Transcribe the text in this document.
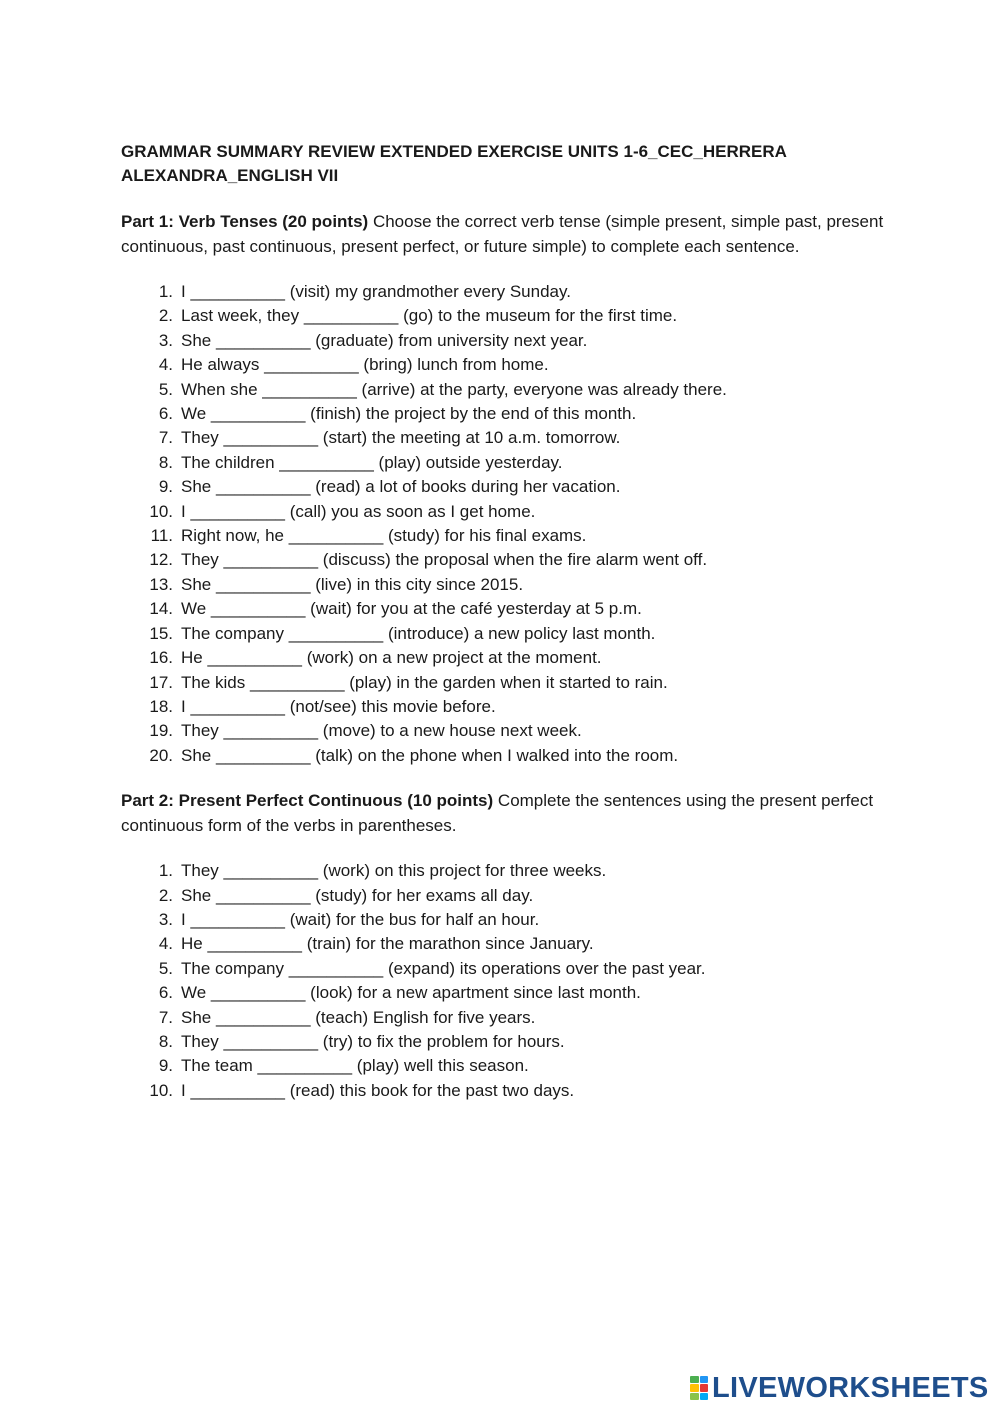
GRAMMAR SUMMARY REVIEW EXTENDED EXERCISE UNITS 1-6_CEC_HERRERA ALEXANDRA_ENGLISH VII

Part 1: Verb Tenses (20 points) Choose the correct verb tense (simple present, simple past, present continuous, past continuous, present perfect, or future simple) to complete each sentence.

1. I __________ (visit) my grandmother every Sunday.
2. Last week, they __________ (go) to the museum for the first time.
3. She __________ (graduate) from university next year.
4. He always __________ (bring) lunch from home.
5. When she __________ (arrive) at the party, everyone was already there.
6. We __________ (finish) the project by the end of this month.
7. They __________ (start) the meeting at 10 a.m. tomorrow.
8. The children __________ (play) outside yesterday.
9. She __________ (read) a lot of books during her vacation.
10. I __________ (call) you as soon as I get home.
11. Right now, he __________ (study) for his final exams.
12. They __________ (discuss) the proposal when the fire alarm went off.
13. She __________ (live) in this city since 2015.
14. We __________ (wait) for you at the café yesterday at 5 p.m.
15. The company __________ (introduce) a new policy last month.
16. He __________ (work) on a new project at the moment.
17. The kids __________ (play) in the garden when it started to rain.
18. I __________ (not/see) this movie before.
19. They __________ (move) to a new house next week.
20. She __________ (talk) on the phone when I walked into the room.

Part 2: Present Perfect Continuous (10 points) Complete the sentences using the present perfect continuous form of the verbs in parentheses.

1. They __________ (work) on this project for three weeks.
2. She __________ (study) for her exams all day.
3. I __________ (wait) for the bus for half an hour.
4. He __________ (train) for the marathon since January.
5. The company __________ (expand) its operations over the past year.
6. We __________ (look) for a new apartment since last month.
7. She __________ (teach) English for five years.
8. They __________ (try) to fix the problem for hours.
9. The team __________ (play) well this season.
10. I __________ (read) this book for the past two days.
LIVEWORKSHEETS
